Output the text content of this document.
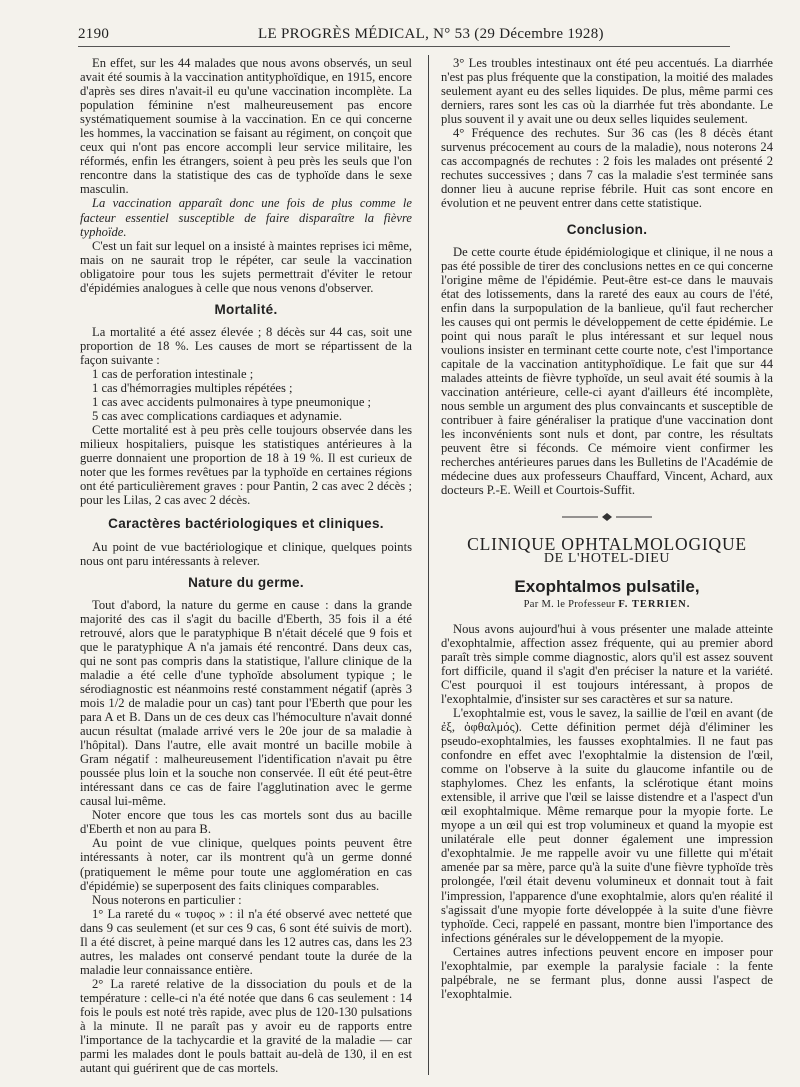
2190	LE PROGRÈS MÉDICAL, N° 53 (29 Décembre 1928)

En effet, sur les 44 malades que nous avons observés, un seul avait été soumis à la vaccination antityphoïdique, en 1915, encore d'après ses dires n'avait-il eu qu'une vaccination incomplète. La population féminine n'est malheureusement pas encore systématiquement soumise à la vaccination. En ce qui concerne les hommes, la vaccination se faisant au régiment, on conçoit que ceux qui n'ont pas encore accompli leur service militaire, les réformés, enfin les étrangers, soient à peu près les seuls que l'on rencontre dans la statistique des cas de typhoïde dans le sexe masculin.

La vaccination apparaît donc une fois de plus comme le facteur essentiel susceptible de faire disparaître la fièvre typhoïde.

C'est un fait sur lequel on a insisté à maintes reprises ici même, mais on ne saurait trop le répéter, car seule la vaccination obligatoire pour tous les sujets permettrait d'éviter le retour d'épidémies analogues à celle que nous venons d'observer.

Mortalité.

La mortalité a été assez élevée ; 8 décès sur 44 cas, soit une proportion de 18 %. Les causes de mort se répartissent de la façon suivante :

1 cas de perforation intestinale ;

1 cas d'hémorragies multiples répétées ;

1 cas avec accidents pulmonaires à type pneumonique ;

5 cas avec complications cardiaques et adynamie.

Cette mortalité est à peu près celle toujours observée dans les milieux hospitaliers, puisque les statistiques antérieures à la guerre donnaient une proportion de 18 à 19 %. Il est curieux de noter que les formes revêtues par la typhoïde en certaines régions ont été particulièrement graves : pour Pantin, 2 cas avec 2 décès ; pour les Lilas, 2 cas avec 2 décès.

Caractères bactériologiques et cliniques.

Au point de vue bactériologique et clinique, quelques points nous ont paru intéressants à relever.

Nature du germe.

Tout d'abord, la nature du germe en cause : dans la grande majorité des cas il s'agit du bacille d'Eberth, 35 fois il a été retrouvé, alors que le paratyphique B n'était décelé que 9 fois et que le paratyphique A n'a jamais été rencontré. Dans deux cas, qui ne sont pas compris dans la statistique, l'allure clinique de la maladie a été celle d'une typhoïde absolument typique ; le sérodiagnostic est néanmoins resté constamment négatif (après 3 mois 1/2 de maladie pour un cas) tant pour l'Eberth que pour les para A et B. Dans un de ces deux cas l'hémoculture n'avait donné aucun résultat (malade arrivé vers le 20e jour de sa maladie à l'hôpital). Dans l'autre, elle avait montré un bacille mobile à Gram négatif : malheureusement l'identification n'avait pu être poussée plus loin et la souche non conservée. Il eût été peut-être intéressant dans ce cas de faire l'agglutination avec le germe causal lui-même.

Noter encore que tous les cas mortels sont dus au bacille d'Eberth et non au para B.

Au point de vue clinique, quelques points peuvent être intéressants à noter, car ils montrent qu'à un germe donné (pratiquement le même pour toute une agglomération en cas d'épidémie) se superposent des faits cliniques comparables.

Nous noterons en particulier :

1° La rareté du « τυφος » : il n'a été observé avec netteté que dans 9 cas seulement (et sur ces 9 cas, 6 sont été suivis de mort). Il a été discret, à peine marqué dans les 12 autres cas, dans les 23 autres, les malades ont conservé pendant toute la durée de la maladie leur connaissance entière.

2° La rareté relative de la dissociation du pouls et de la température : celle-ci n'a été notée que dans 6 cas seulement : 14 fois le pouls est noté très rapide, avec plus de 120-130 pulsations à la minute. Il ne paraît pas y avoir eu de rapports entre l'importance de la tachycardie et la gravité de la maladie — car parmi les malades dont le pouls battait au-delà de 130, il en est autant qui guérirent que de cas mortels.

3° Les troubles intestinaux ont été peu accentués. La diarrhée n'est pas plus fréquente que la constipation, la moitié des malades seulement ayant eu des selles liquides. De plus, même parmi ces derniers, rares sont les cas où la diarrhée fut très abondante. Le plus souvent il y avait une ou deux selles liquides seulement.

4° Fréquence des rechutes. Sur 36 cas (les 8 décès étant survenus précocement au cours de la maladie), nous noterons 24 cas accompagnés de rechutes : 2 fois les malades ont présenté 2 rechutes successives ; dans 7 cas la maladie s'est terminée sans donner lieu à aucune reprise fébrile. Huit cas sont encore en évolution et ne peuvent entrer dans cette statistique.

Conclusion.

De cette courte étude épidémiologique et clinique, il ne nous a pas été possible de tirer des conclusions nettes en ce qui concerne l'origine même de l'épidémie. Peut-être est-ce dans le mauvais état des lotissements, dans la rareté des eaux au cours de l'été, enfin dans la surpopulation de la banlieue, qu'il faut rechercher les causes qui ont permis le développement de cette épidémie. Le point qui nous paraît le plus intéressant et sur lequel nous voulions insister en terminant cette courte note, c'est l'importance capitale de la vaccination antityphoïdique. Le fait que sur 44 malades atteints de fièvre typhoïde, un seul avait été soumis à la vaccination antérieure, celle-ci ayant d'ailleurs été incomplète, nous semble un argument des plus convaincants et susceptible de contribuer à faire généraliser la pratique d'une vaccination dont les inconvénients sont nuls et dont, par contre, les résultats peuvent être si féconds. Ce mémoire vient confirmer les recherches antérieures parues dans les Bulletins de l'Académie de médecine dues aux professeurs Chauffard, Vincent, Achard, aux docteurs P.-E. Weill et Courtois-Suffit.

CLINIQUE OPHTALMOLOGIQUE
DE L'HOTEL-DIEU
Exophtalmos pulsatile,
Par M. le Professeur F. TERRIEN.

Nous avons aujourd'hui à vous présenter une malade atteinte d'exophtalmie, affection assez fréquente, qui au premier abord paraît très simple comme diagnostic, alors qu'il est assez souvent fort difficile, quand il s'agit d'en préciser la nature et la variété. C'est pourquoi il est toujours intéressant, à propos de l'exophtalmie, d'insister sur ses caractères et sur sa nature.

L'exophtalmie est, vous le savez, la saillie de l'œil en avant (de ἐξ, ὀφθαλμός). Cette définition permet déjà d'éliminer les pseudo-exophtalmies, les fausses exophtalmies. Il ne faut pas confondre en effet avec l'exophtalmie la distension de l'œil, comme on l'observe à la suite du glaucome infantile ou de staphylomes. Chez les enfants, la sclérotique étant moins extensible, il arrive que l'œil se laisse distendre et a l'aspect d'un œil exophtalmique. Même remarque pour la myopie forte. Le myope a un œil qui est trop volumineux et quand la myopie est unilatérale elle peut donner également une impression d'exophtalmie. Je me rappelle avoir vu une fillette qui m'était amenée par sa mère, parce qu'à la suite d'une fièvre typhoïde très prolongée, l'œil était devenu volumineux et donnait tout à fait l'impression, l'apparence d'une exophtalmie, alors qu'en réalité il s'agissait d'une myopie forte développée à la suite d'une fièvre typhoïde. Ceci, rappelé en passant, montre bien l'importance des infections générales sur le développement de la myopie.

Certaines autres infections peuvent encore en imposer pour l'exophtalmie, par exemple la paralysie faciale : la fente palpébrale, ne se fermant plus, donne aussi l'aspect de l'exophtalmie.
